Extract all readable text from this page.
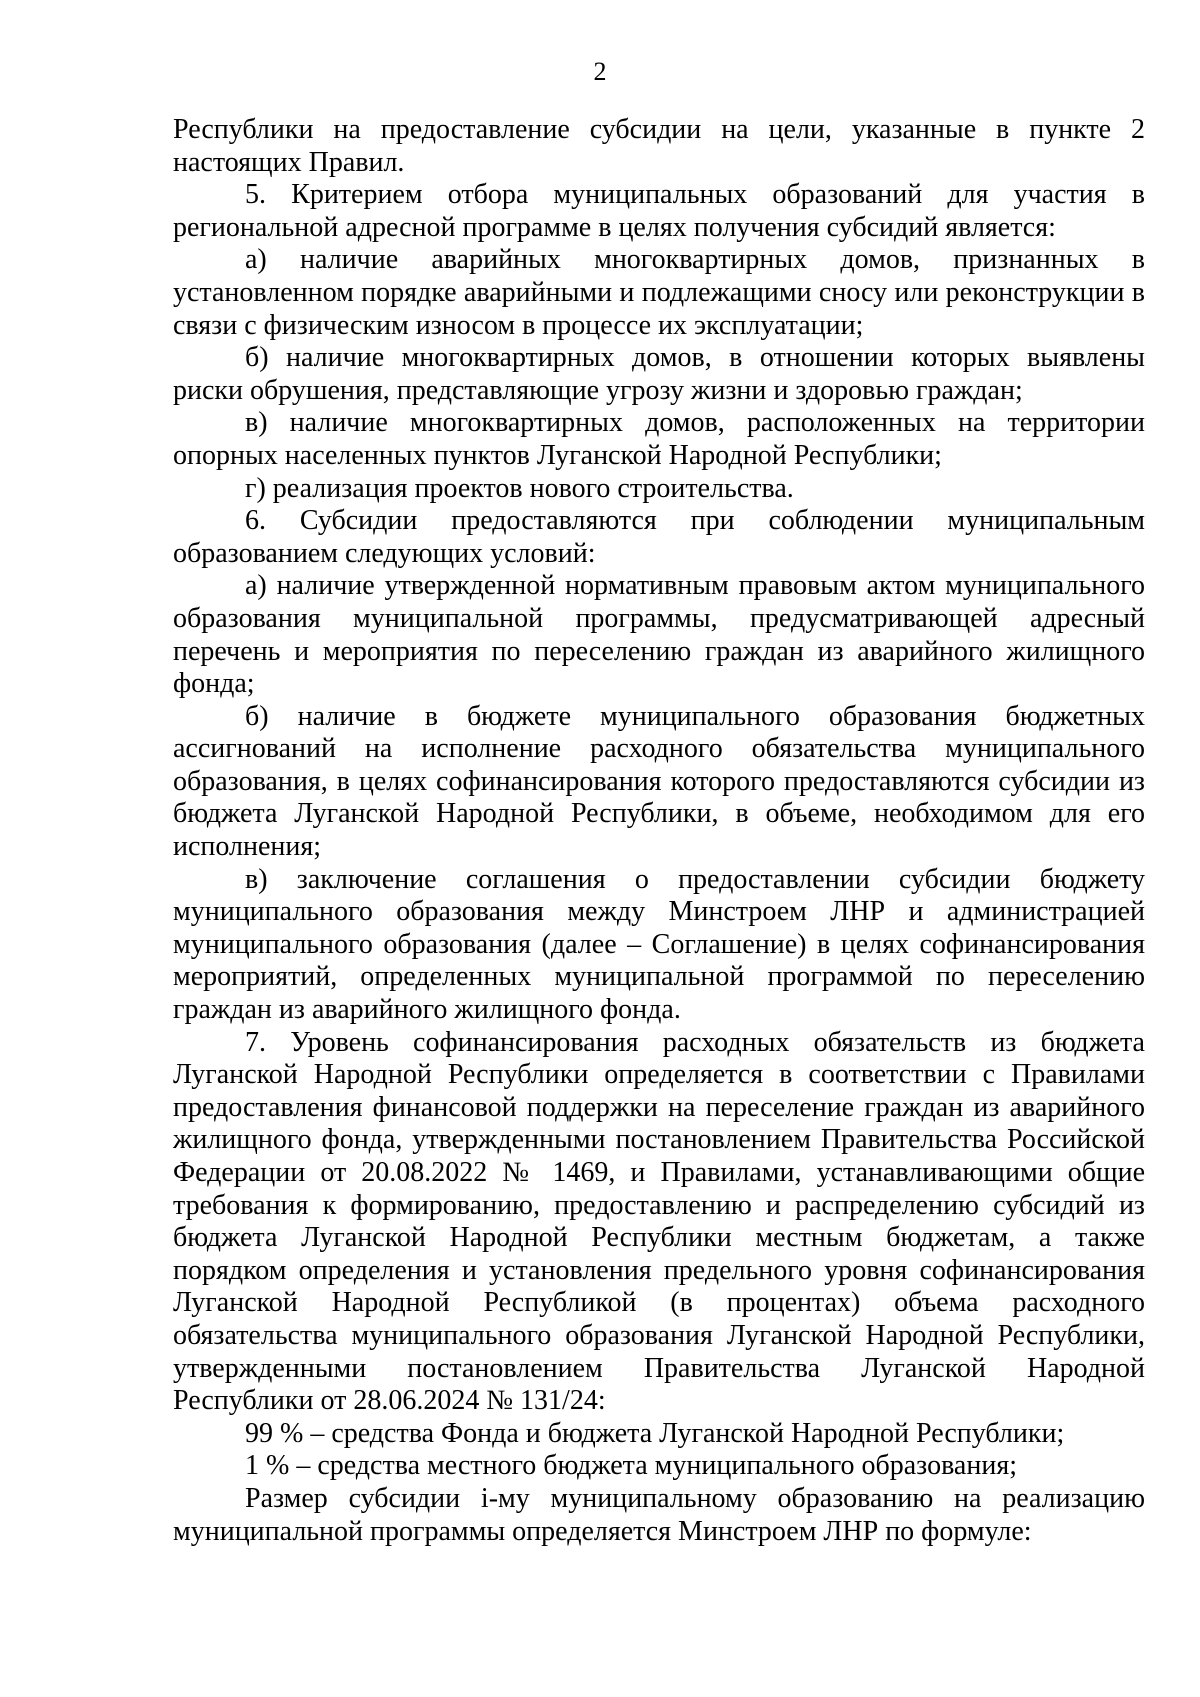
2

Республики на предоставление субсидии на цели, указанные в пункте 2 настоящих Правил.

5. Критерием отбора муниципальных образований для участия в региональной адресной программе в целях получения субсидий является:

а) наличие аварийных многоквартирных домов, признанных в установленном порядке аварийными и подлежащими сносу или реконструкции в связи с физическим износом в процессе их эксплуатации;

б) наличие многоквартирных домов, в отношении которых выявлены риски обрушения, представляющие угрозу жизни и здоровью граждан;

в) наличие многоквартирных домов, расположенных на территории опорных населенных пунктов Луганской Народной Республики;

г) реализация проектов нового строительства.

6. Субсидии предоставляются при соблюдении муниципальным образованием следующих условий:

а) наличие утвержденной нормативным правовым актом муниципального образования муниципальной программы, предусматривающей адресный перечень и мероприятия по переселению граждан из аварийного жилищного фонда;

б) наличие в бюджете муниципального образования бюджетных ассигнований на исполнение расходного обязательства муниципального образования, в целях софинансирования которого предоставляются субсидии из бюджета Луганской Народной Республики, в объеме, необходимом для его исполнения;

в) заключение соглашения о предоставлении субсидии бюджету муниципального образования между Минстроем ЛНР и администрацией муниципального образования (далее – Соглашение) в целях софинансирования мероприятий, определенных муниципальной программой по переселению граждан из аварийного жилищного фонда.

7. Уровень софинансирования расходных обязательств из бюджета Луганской Народной Республики определяется в соответствии с Правилами предоставления финансовой поддержки на переселение граждан из аварийного жилищного фонда, утвержденными постановлением Правительства Российской Федерации от 20.08.2022 № 1469, и Правилами, устанавливающими общие требования к формированию, предоставлению и распределению субсидий из бюджета Луганской Народной Республики местным бюджетам, а также порядком определения и установления предельного уровня софинансирования Луганской Народной Республикой (в процентах) объема расходного обязательства муниципального образования Луганской Народной Республики, утвержденными постановлением Правительства Луганской Народной Республики от 28.06.2024 № 131/24:

99 % – средства Фонда и бюджета Луганской Народной Республики;

1 % – средства местного бюджета муниципального образования;

Размер субсидии i-му муниципальному образованию на реализацию муниципальной программы определяется Минстроем ЛНР по формуле:
